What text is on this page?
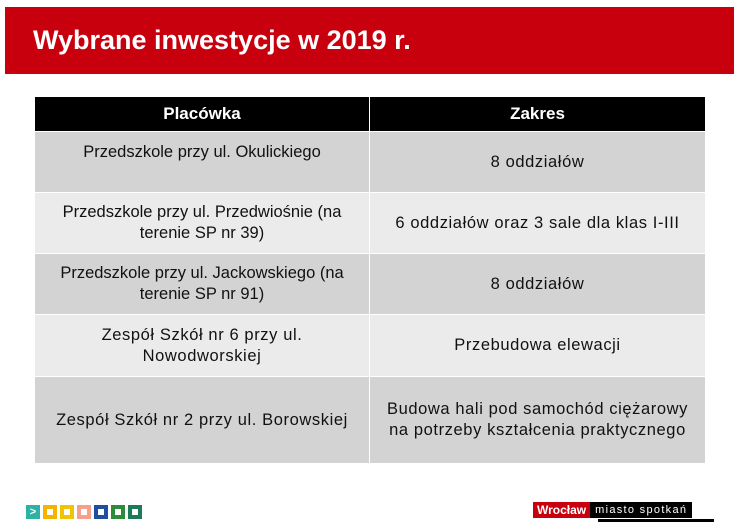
Wybrane inwestycje w 2019 r.
Placówka	Zakres
Przedszkole przy ul. Okulickiego	8 oddziałów
Przedszkole przy ul. Przedwiośnie (na terenie SP nr 39)	6 oddziałów oraz 3 sale dla klas I-III
Przedszkole przy ul. Jackowskiego (na terenie SP nr 91)	8 oddziałów
Zespół Szkół nr 6 przy ul. Nowodworskiej	Przebudowa elewacji
Zespół Szkół nr 2 przy ul. Borowskiej	Budowa hali pod samochód ciężarowy na potrzeby kształcenia praktycznego
>	Wrocław miasto spotkań
